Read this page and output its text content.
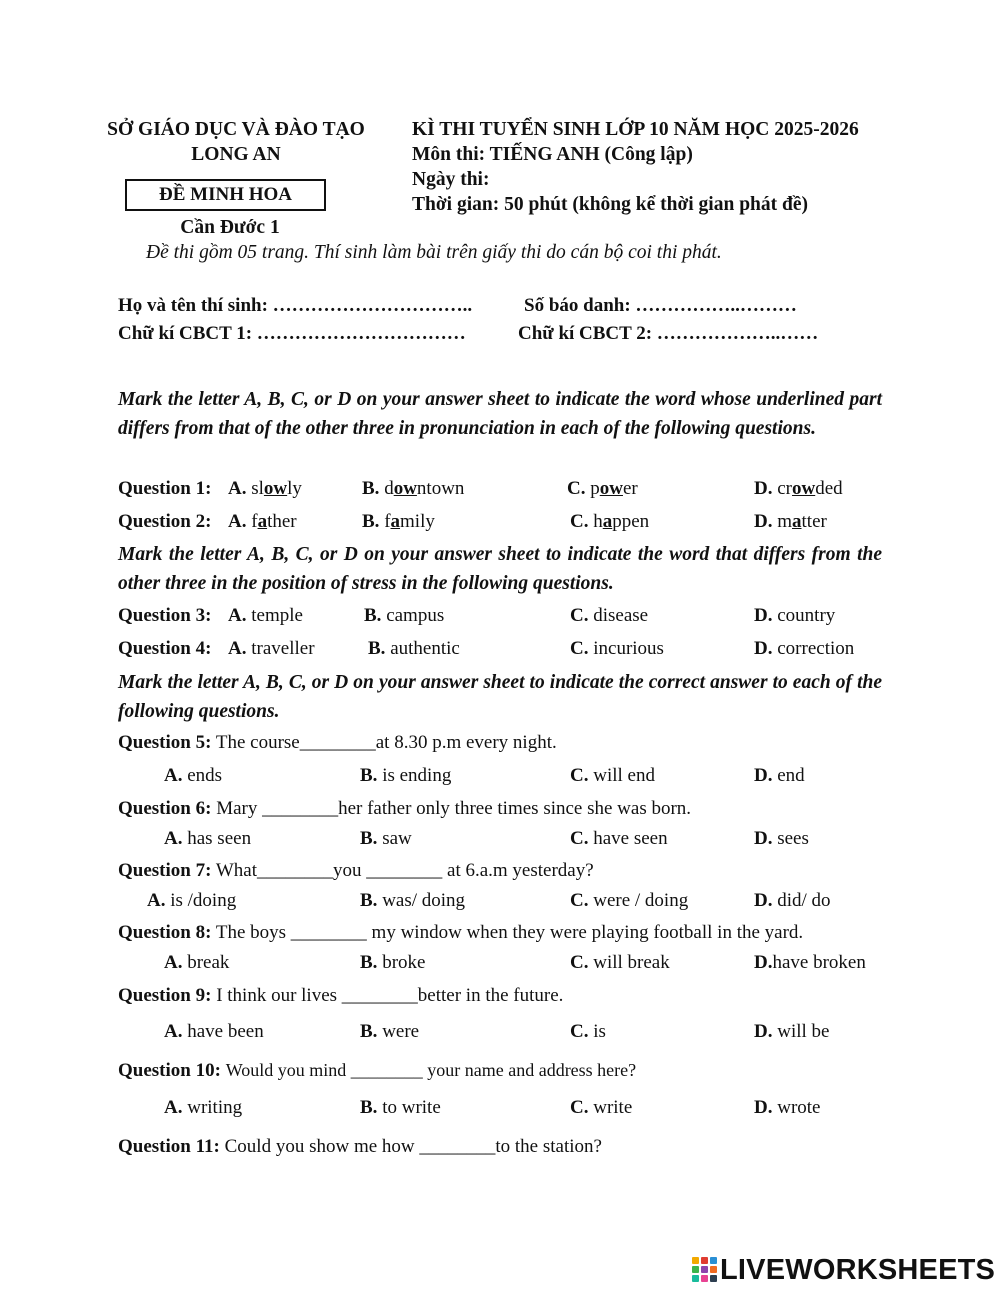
SỞ GIÁO DỤC VÀ ĐÀO TẠO
LONG AN
ĐỀ MINH HOA
Cần Đước 1
KÌ THI TUYỂN SINH LỚP 10 NĂM HỌC 2025-2026
Môn thi: TIẾNG ANH (Công lập)
Ngày thi:
Thời gian: 50 phút (không kể thời gian phát đề)
Đề thi gồm 05 trang. Thí sinh làm bài trên giấy thi do cán bộ coi thi phát.
Họ và tên thí sinh: …………………………..	Số báo danh: ……………..………
Chữ kí CBCT 1: ……………………………	Chữ kí CBCT 2: ………………..……
Mark the letter A, B, C, or D on your answer sheet to indicate the word whose underlined part differs from that of the other three in pronunciation in each of the following questions.
Question 1: A. slowly	B. downtown	C. power	D. crowded
Question 2: A. father	B. family	C. happen	D. matter
Mark the letter A, B, C, or D on your answer sheet to indicate the word that differs from the other three in the position of stress in the following questions.
Question 3: A. temple	B. campus	C. disease	D. country
Question 4: A. traveller	B. authentic	C. incurious	D. correction
Mark the letter A, B, C, or D on your answer sheet to indicate the correct answer to each of the following questions.
Question 5: The course________at 8.30 p.m every night.
A. ends	B. is ending	C. will end	D. end
Question 6: Mary ________her father only three times since she was born.
A. has seen	B. saw	C. have seen	D. sees
Question 7: What________you ________ at 6.a.m yesterday?
A. is /doing	B. was/ doing	C. were / doing	D. did/ do
Question 8: The boys ________ my window when they were playing football in the yard.
A. break	B. broke	C. will break	D.have broken
Question 9: I think our lives ________better in the future.
A. have been	B. were	C. is	D. will be
Question 10: Would you mind ________ your name and address here?
A. writing	B. to write	C. write	D. wrote
Question 11: Could you show me how ________to the station?
LIVEWORKSHEETS
